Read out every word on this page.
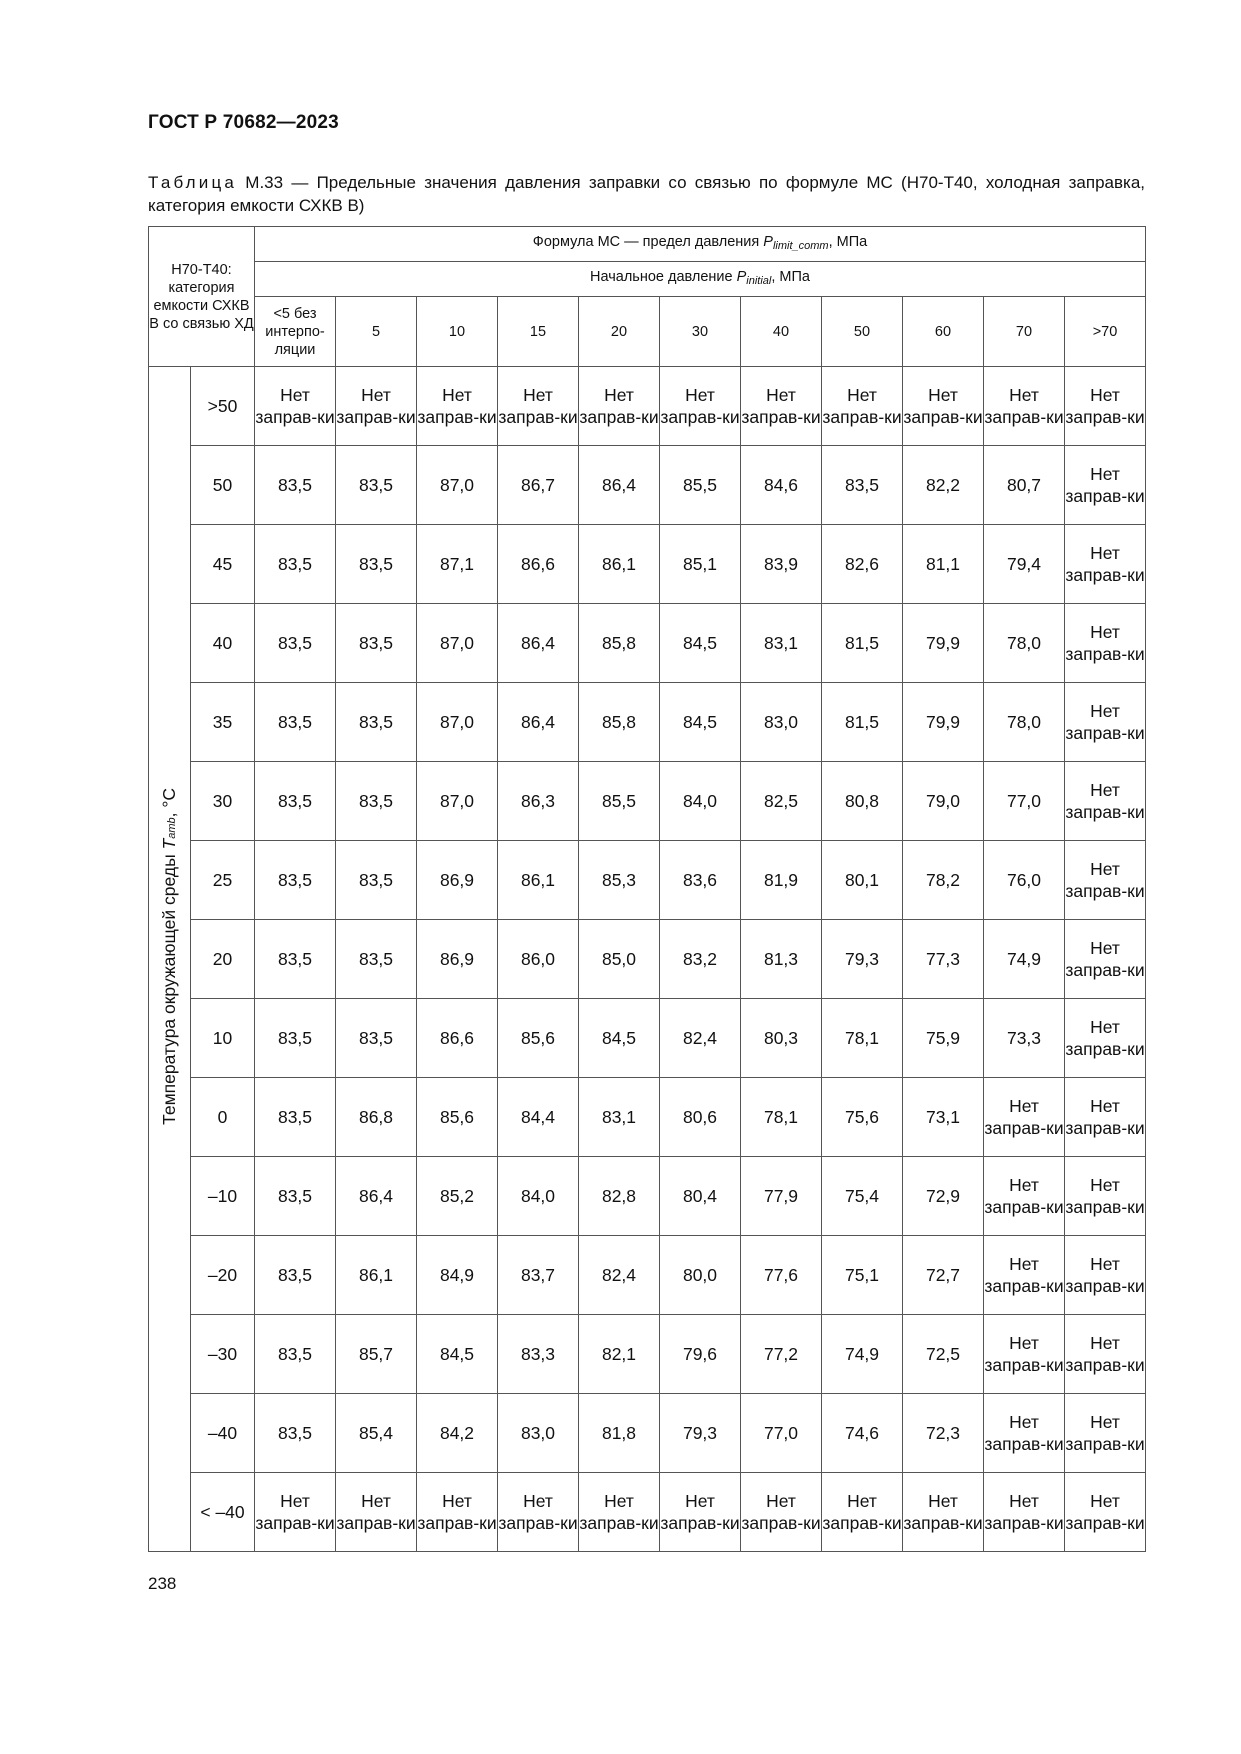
ГОСТ Р 70682—2023
Таблица М.33 — Предельные значения давления заправки со связью по формуле МС (Н70-Т40, холодная заправка, категория емкости СХКВ В)
Н70-Т40: категория емкости СХКВ В со связью ХД		Формула МС — предел давления $P_{limit\_comm}$, МПа										
		Начальное давление $P_{initial}$, МПа										
		<5 без интерпо-ляции	5	10	15	20	30	40	50	60	70	>70
Температура окружающей среды $T_{amb}$, °С	>50	Нет заправ-ки	Нет заправ-ки	Нет заправ-ки	Нет заправ-ки	Нет заправ-ки	Нет заправ-ки	Нет заправ-ки	Нет заправ-ки	Нет заправ-ки	Нет заправ-ки	Нет заправ-ки
	50	83,5	83,5	87,0	86,7	86,4	85,5	84,6	83,5	82,2	80,7	Нет заправ-ки
	45	83,5	83,5	87,1	86,6	86,1	85,1	83,9	82,6	81,1	79,4	Нет заправ-ки
	40	83,5	83,5	87,0	86,4	85,8	84,5	83,1	81,5	79,9	78,0	Нет заправ-ки
	35	83,5	83,5	87,0	86,4	85,8	84,5	83,0	81,5	79,9	78,0	Нет заправ-ки
	30	83,5	83,5	87,0	86,3	85,5	84,0	82,5	80,8	79,0	77,0	Нет заправ-ки
	25	83,5	83,5	86,9	86,1	85,3	83,6	81,9	80,1	78,2	76,0	Нет заправ-ки
	20	83,5	83,5	86,9	86,0	85,0	83,2	81,3	79,3	77,3	74,9	Нет заправ-ки
	10	83,5	83,5	86,6	85,6	84,5	82,4	80,3	78,1	75,9	73,3	Нет заправ-ки
	0	83,5	86,8	85,6	84,4	83,1	80,6	78,1	75,6	73,1	Нет заправ-ки	Нет заправ-ки
	–10	83,5	86,4	85,2	84,0	82,8	80,4	77,9	75,4	72,9	Нет заправ-ки	Нет заправ-ки
	–20	83,5	86,1	84,9	83,7	82,4	80,0	77,6	75,1	72,7	Нет заправ-ки	Нет заправ-ки
	–30	83,5	85,7	84,5	83,3	82,1	79,6	77,2	74,9	72,5	Нет заправ-ки	Нет заправ-ки
	–40	83,5	85,4	84,2	83,0	81,8	79,3	77,0	74,6	72,3	Нет заправ-ки	Нет заправ-ки
	< –40	Нет заправ-ки	Нет заправ-ки	Нет заправ-ки	Нет заправ-ки	Нет заправ-ки	Нет заправ-ки	Нет заправ-ки	Нет заправ-ки	Нет заправ-ки	Нет заправ-ки	Нет заправ-ки
238
